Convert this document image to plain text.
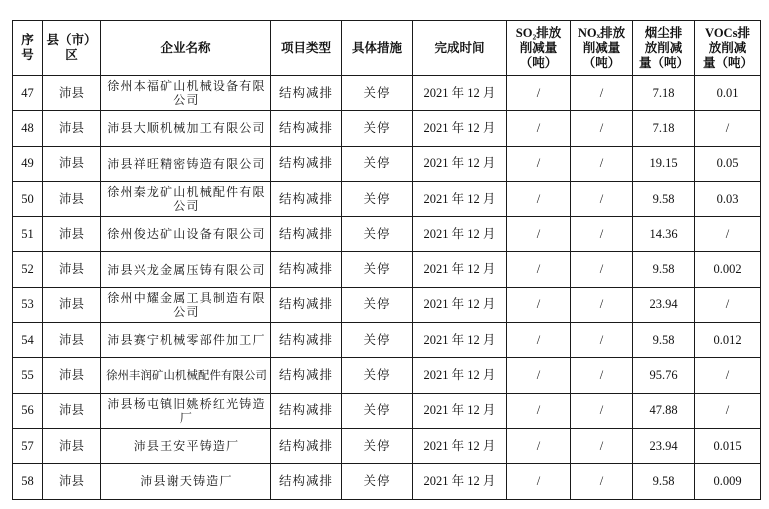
序号	县（市）区	企业名称	项目类型	具体措施	完成时间	SO₂排放削减量（吨）	NOₓ排放削减量（吨）	烟尘排放削减量（吨）	VOCs排放削减量（吨）
47	沛县	徐州本福矿山机械设备有限公司	结构减排	关停	2021 年 12 月	/	/	7.18	0.01
48	沛县	沛县大顺机械加工有限公司	结构减排	关停	2021 年 12 月	/	/	7.18	/
49	沛县	沛县祥旺精密铸造有限公司	结构减排	关停	2021 年 12 月	/	/	19.15	0.05
50	沛县	徐州秦龙矿山机械配件有限公司	结构减排	关停	2021 年 12 月	/	/	9.58	0.03
51	沛县	徐州俊达矿山设备有限公司	结构减排	关停	2021 年 12 月	/	/	14.36	/
52	沛县	沛县兴龙金属压铸有限公司	结构减排	关停	2021 年 12 月	/	/	9.58	0.002
53	沛县	徐州中耀金属工具制造有限公司	结构减排	关停	2021 年 12 月	/	/	23.94	/
54	沛县	沛县赛宁机械零部件加工厂	结构减排	关停	2021 年 12 月	/	/	9.58	0.012
55	沛县	徐州丰润矿山机械配件有限公司	结构减排	关停	2021 年 12 月	/	/	95.76	/
56	沛县	沛县杨屯镇旧姚桥红光铸造厂	结构减排	关停	2021 年 12 月	/	/	47.88	/
57	沛县	沛县王安平铸造厂	结构减排	关停	2021 年 12 月	/	/	23.94	0.015
58	沛县	沛县谢天铸造厂	结构减排	关停	2021 年 12 月	/	/	9.58	0.009
